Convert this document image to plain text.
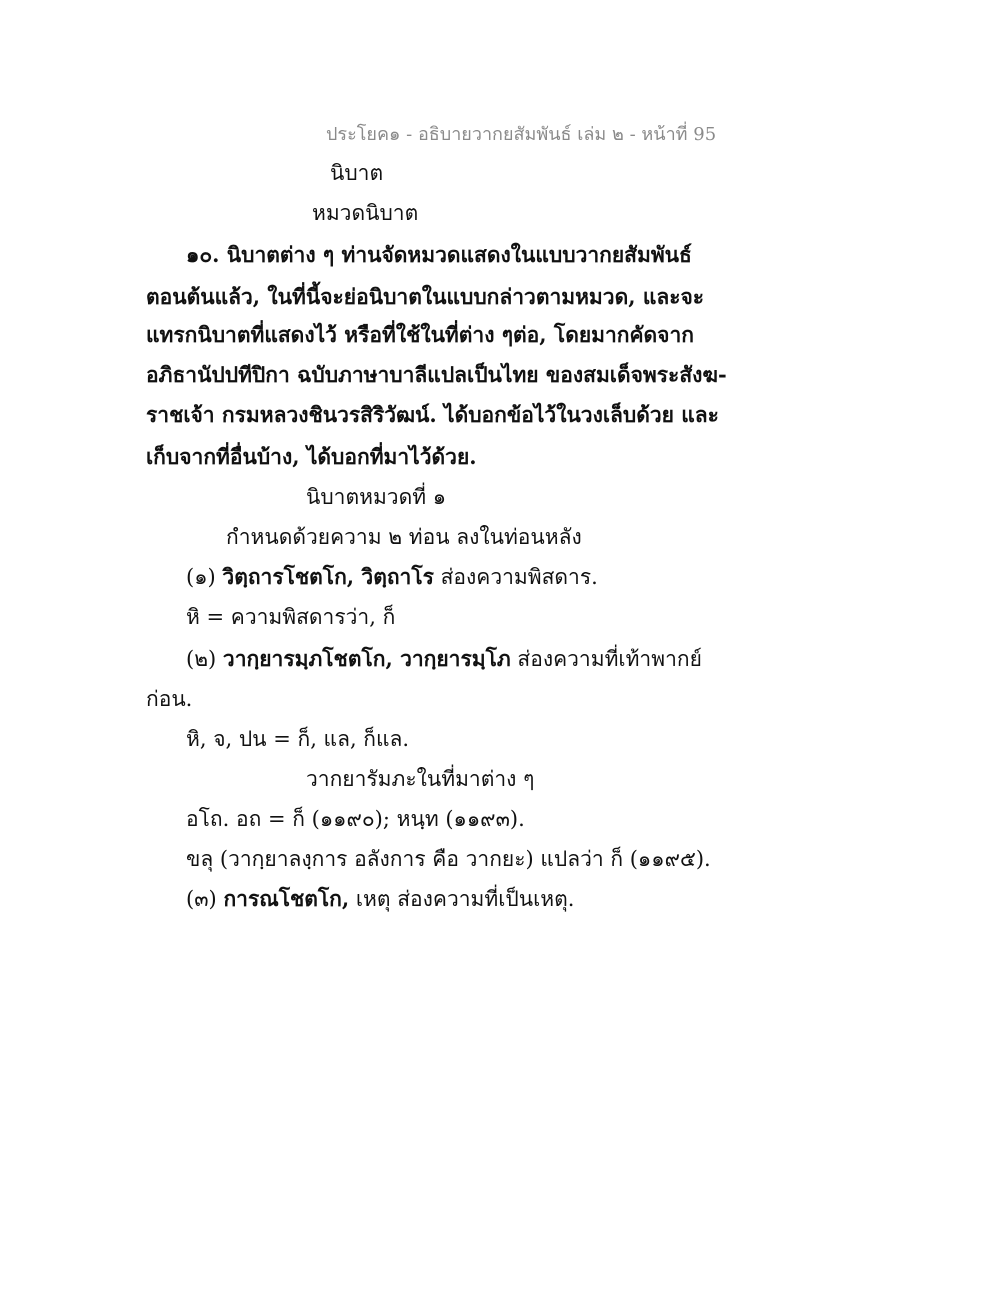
ประโยค๑ - อธิบายวากยสัมพันธ์ เล่ม ๒ - หน้าที่ 95
นิบาต
หมวดนิบาต
๑๐. นิบาตต่าง ๆ ท่านจัดหมวดแสดงในแบบวากยสัมพันธ์
ตอนต้นแล้ว, ในที่นี้จะย่อนิบาตในแบบกล่าวตามหมวด, และจะ
แทรกนิบาตที่แสดงไว้ หรือที่ใช้ในที่ต่าง ๆต่อ, โดยมากคัดจาก
อภิธานัปปทีปิกา ฉบับภาษาบาลีแปลเป็นไทย ของสมเด็จพระสังฆ-
ราชเจ้า กรมหลวงชินวรสิริวัฒน์. ได้บอกข้อไว้ในวงเล็บด้วย และ
เก็บจากที่อื่นบ้าง, ได้บอกที่มาไว้ด้วย.
นิบาตหมวดที่ ๑
กำหนดด้วยความ ๒ ท่อน ลงในท่อนหลัง
(๑) วิตฺถารโชตโก, วิตฺถาโร ส่องความพิสดาร.
หิ = ความพิสดารว่า, ก็
(๒) วากฺยารมฺภโชตโก, วากฺยารมฺโภ ส่องความที่เท้าพากย์
ก่อน.
หิ, จ, ปน = ก็, แล, ก็แล.
วากยารัมภะในที่มาต่าง ๆ
อโถ. อถ = ก็ (๑๑๙๐); หนฺท (๑๑๙๓).
ขลุ (วากฺยาลงฺการ อลังการ คือ วากยะ) แปลว่า ก็ (๑๑๙๕).
(๓) การณโชตโก, เหตุ ส่องความที่เป็นเหตุ.
